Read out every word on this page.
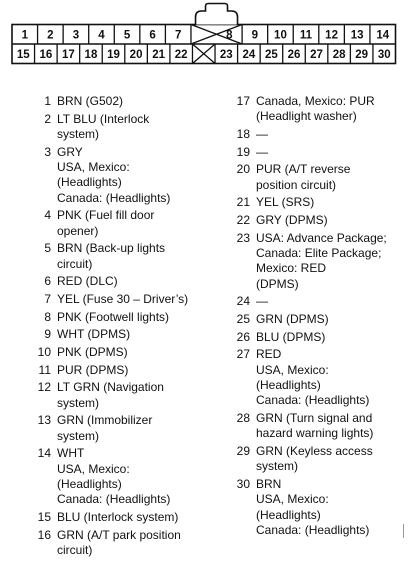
1 2 3 4 5 6 7	8 9 10 11 12 13 14
15 16 17 18 19 20 21 22	23 24 25 26 27 28 29 30
1 BRN (G502)
2 LT BLU (Interlock
system)
3 GRY
USA, Mexico:
(Headlights)
Canada: (Headlights)
4 PNK (Fuel fill door
opener)
5 BRN (Back-up lights
circuit)
6 RED (DLC)
7 YEL (Fuse 30 – Driver’s)
8 PNK (Footwell lights)
9 WHT (DPMS)
10 PNK (DPMS)
11 PUR (DPMS)
12 LT GRN (Navigation
system)
13 GRN (Immobilizer
system)
14 WHT
USA, Mexico:
(Headlights)
Canada: (Headlights)
15 BLU (Interlock system)
16 GRN (A/T park position
circuit)
17 Canada, Mexico: PUR
(Headlight washer)
18 —
19 —
20 PUR (A/T reverse
position circuit)
21 YEL (SRS)
22 GRY (DPMS)
23 USA: Advance Package;
Canada: Elite Package;
Mexico: RED
(DPMS)
24 —
25 GRN (DPMS)
26 BLU (DPMS)
27 RED
USA, Mexico:
(Headlights)
Canada: (Headlights)
28 GRN (Turn signal and
hazard warning lights)
29 GRN (Keyless access
system)
30 BRN
USA, Mexico:
(Headlights)
Canada: (Headlights)
